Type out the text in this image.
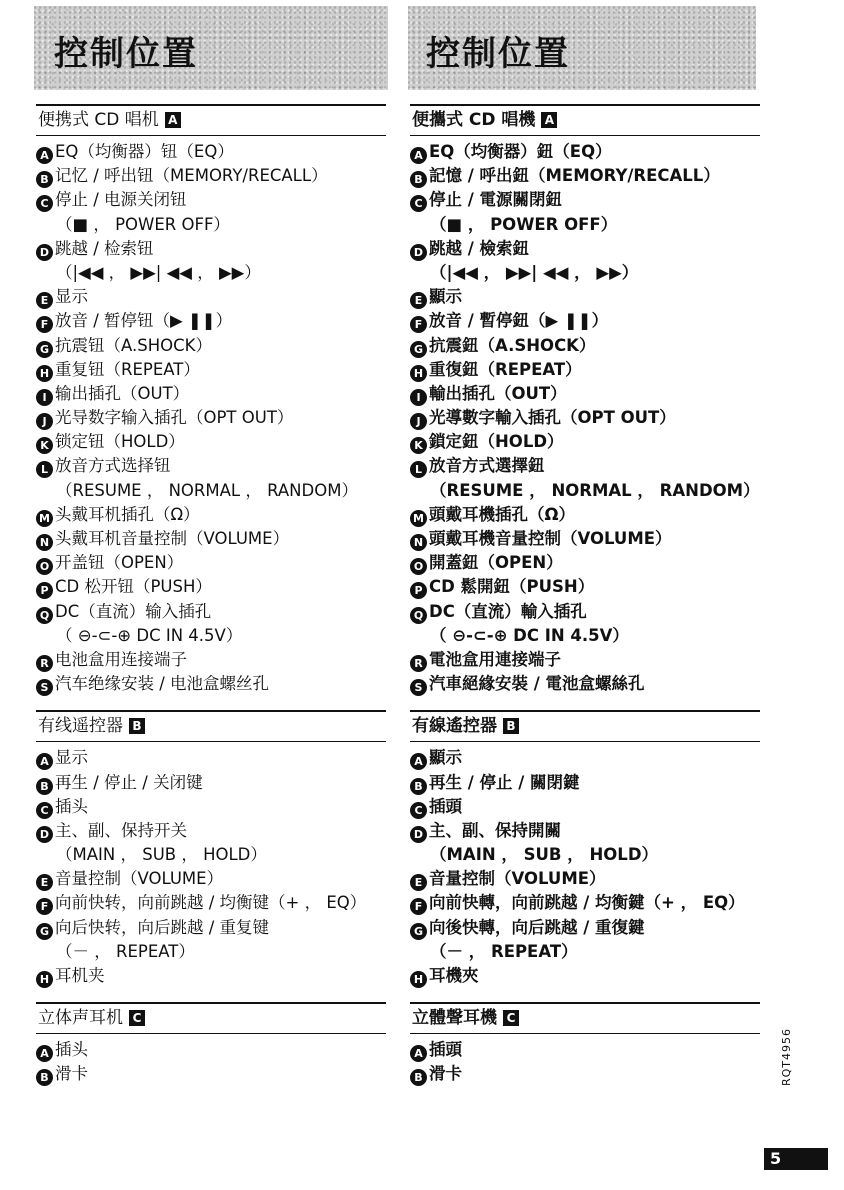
控制位置	控制位置
便携式 CD 唱机 A
A EQ（均衡器）钮（EQ）
B 记忆 / 呼出钮（MEMORY/RECALL）
C 停止 / 电源关闭钮
（■ ， POWER OFF）
D 跳越 / 检索钮
（|◀◀ ， ▶▶| ◀◀ ， ▶▶）
E 显示
F 放音 / 暂停钮（▶ ❚❚）
G 抗震钮（A.SHOCK）
H 重复钮（REPEAT）
I 输出插孔（OUT）
J 光导数字输入插孔（OPT OUT）
K 锁定钮（HOLD）
L 放音方式选择钮
（RESUME ， NORMAL ， RANDOM）
M 头戴耳机插孔（Ω）
N 头戴耳机音量控制（VOLUME）
O 开盖钮（OPEN）
P CD 松开钮（PUSH）
Q DC（直流）输入插孔
（ ⊖-⊂-⊕ DC IN 4.5V）
R 电池盒用连接端子
S 汽车绝缘安装 / 电池盒螺丝孔
有线遥控器 B
A 显示
B 再生 / 停止 / 关闭键
C 插头
D 主、副、保持开关
（MAIN ， SUB ， HOLD）
E 音量控制（VOLUME）
F 向前快转，向前跳越 / 均衡键（+ ， EQ）
G 向后快转，向后跳越 / 重复键
（－ ， REPEAT）
H 耳机夹
立体声耳机 C
A 插头
B 滑卡
便攜式 CD 唱機 A
A EQ（均衡器）鈕（EQ）
B 記憶 / 呼出鈕（MEMORY/RECALL）
C 停止 / 電源關閉鈕
（■ ， POWER OFF）
D 跳越 / 檢索鈕
（|◀◀ ， ▶▶| ◀◀ ， ▶▶）
E 顯示
F 放音 / 暫停鈕（▶ ❚❚）
G 抗震鈕（A.SHOCK）
H 重復鈕（REPEAT）
I 輸出插孔（OUT）
J 光導數字輸入插孔（OPT OUT）
K 鎖定鈕（HOLD）
L 放音方式選擇鈕
（RESUME ， NORMAL ， RANDOM）
M 頭戴耳機插孔（Ω）
N 頭戴耳機音量控制（VOLUME）
O 開蓋鈕（OPEN）
P CD 鬆開鈕（PUSH）
Q DC（直流）輸入插孔
（ ⊖-⊂-⊕ DC IN 4.5V）
R 電池盒用連接端子
S 汽車絕緣安裝 / 電池盒螺絲孔
有線遙控器 B
A 顯示
B 再生 / 停止 / 關閉鍵
C 插頭
D 主、副、保持開關
（MAIN ， SUB ， HOLD）
E 音量控制（VOLUME）
F 向前快轉，向前跳越 / 均衡鍵（+ ， EQ）
G 向後快轉，向后跳越 / 重復鍵
（－ ， REPEAT）
H 耳機夾
立體聲耳機 C
A 插頭
B 滑卡	RQT4956
5
